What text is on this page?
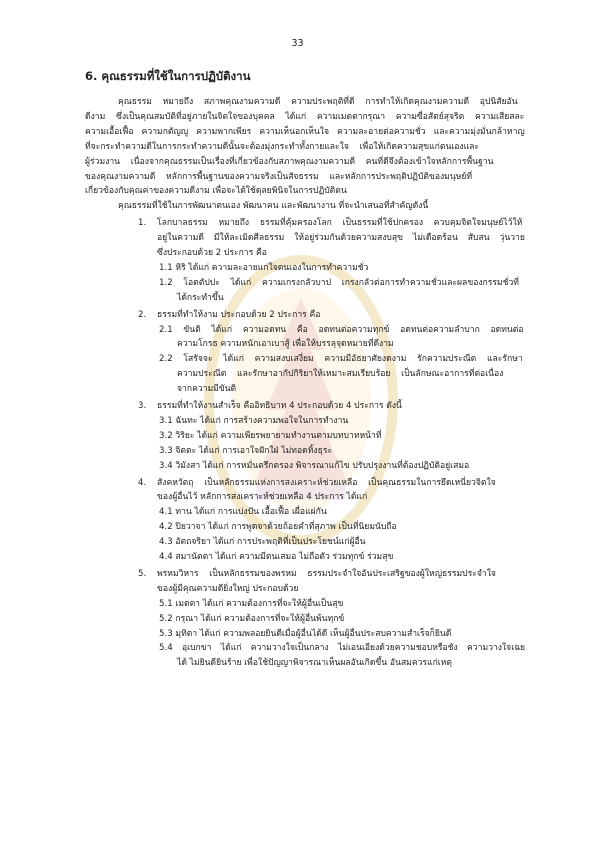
33
6. คุณธรรมที่ใช้ในการปฏิบัติงาน
คุณธรรม หมายถึง สภาพคุณงามความดี ความประพฤติที่ดี การทำให้เกิดคุณงามความดี อุปนิสัยอัน
ดีงาม ซึ่งเป็นคุณสมบัติที่อยู่ภายในจิตใจของบุคคล ได้แก่ ความเมตตากรุณา ความซื่อสัตย์สุจริต ความเสียสละ
ความเอื้อเฟื้อ ความกตัญญู ความพากเพียร ความเห็นอกเห็นใจ ความละอายต่อความชั่ว และความมุ่งมั่นกล้าหาญ
ที่จะกระทำความดีในการกระทำความดีนั้นจะต้องมุ่งกระทำทั้งกายและใจ เพื่อให้เกิดความสุขแก่ตนเองและ
ผู้ร่วมงาน เนื่องจากคุณธรรมเป็นเรื่องที่เกี่ยวข้องกับสภาพคุณงามความดี คนที่ดีจึงต้องเข้าใจหลักการพื้นฐาน
ของคุณงามความดี หลักการพื้นฐานของความจริงเป็นสัจธรรม และหลักการประพฤติปฏิบัติของมนุษย์ที่
เกี่ยวข้องกับคุณค่าของความดีงาม เพื่อจะได้ใช้ดุลยพินิจในการปฏิบัติตน
คุณธรรมที่ใช้ในการพัฒนาตนเอง พัฒนาคน และพัฒนางาน ที่จะนำเสนอที่สำคัญดังนี้
1. โลกบาลธรรม หมายถึง ธรรมที่คุ้มครองโลก เป็นธรรมที่ใช้ปกครอง ควบคุมจิตใจมนุษย์ไว้ให้
อยู่ในความดี มีให้ละเมิดศีลธรรม ให้อยู่ร่วมกันด้วยความสงบสุข ไม่เดือดร้อน สับสน วุ่นวาย
ซึ่งประกอบด้วย 2 ประการ คือ
1.1 หิริ ได้แก่ ความละอายแก่ใจตนเองในการทำความชั่ว
1.2 โอตตัปปะ ได้แก่ ความเกรงกลัวบาป เกรงกลัวต่อการทำความชั่วและผลของกรรมชั่วที่
ได้กระทำขึ้น
2. ธรรมที่ทำให้งาม ประกอบด้วย 2 ประการ คือ
2.1 ขันติ ได้แก่ ความอดทน คือ อดทนต่อความทุกข์ อดทนต่อความลำบาก อดทนต่อ
ความโกรธ ความหนักเอาเบาสู้ เพื่อให้บรรลุจุดหมายที่ดีงาม
2.2 โสรัจจะ ได้แก่ ความสงบเสงี่ยม ความมีอัธยาศัยงดงาม รักความประณีต และรักษา
ความประณีต และรักษาอากัปกิริยาให้เหมาะสมเรียบร้อย เป็นลักษณะอาการที่ต่อเนื่อง
จากความมีขันติ
3. ธรรมที่ทำให้งานสำเร็จ คืออิทธิบาท 4 ประกอบด้วย 4 ประการ ดังนี้
3.1 ฉันทะ ได้แก่ การสร้างความพอใจในการทำงาน
3.2 วิริยะ ได้แก่ ความเพียรพยายามทำงานตามบทบาทหน้าที่
3.3 จิตตะ ได้แก่ การเอาใจฝักใฝ่ ไม่ทอดทิ้งธุระ
3.4 วิมังสา ได้แก่ การหมั่นตรึกตรอง พิจารณาแก้ไข ปรับปรุงงานที่ต้องปฏิบัติอยู่เสมอ
4. สังคหวัตถุ เป็นหลักธรรมแห่งการสงเคราะห์ช่วยเหลือ เป็นคุณธรรมในการยึดเหนี่ยวจิตใจ
ของผู้อื่นไว้ หลักการสงเคราะห์ช่วยเหลือ 4 ประการ ได้แก่
4.1 ทาน ได้แก่ การแบ่งปัน เอื้อเฟื้อ เผื่อแผ่กัน
4.2 ปิยวาจา ได้แก่ การพูดจาด้วยถ้อยคำที่สุภาพ เป็นที่นิยมนับถือ
4.3 อัตถจริยา ได้แก่ การประพฤติที่เป็นประโยชน์แก่ผู้อื่น
4.4 สมานัตตา ได้แก่ ความมีตนเสมอ ไม่ถือตัว ร่วมทุกข์ ร่วมสุข
5. พรหมวิหาร เป็นหลักธรรมของพรหม ธรรมประจำใจอันประเสริฐของผู้ใหญ่ธรรมประจำใจ
ของผู้มีคุณความดียิ่งใหญ่ ประกอบด้วย
5.1 เมตตา ได้แก่ ความต้องการที่จะให้ผู้อื่นเป็นสุข
5.2 กรุณา ได้แก่ ความต้องการที่จะให้ผู้อื่นพ้นทุกข์
5.3 มุทิตา ได้แก่ ความพลอยยินดีเมื่อผู้อื่นได้ดี เห็นผู้อื่นประสบความสำเร็จก็ยินดี
5.4 อุเบกขา ได้แก่ ความวางใจเป็นกลาง ไม่เอนเอียงด้วยความชอบหรือชัง ความวางใจเฉย
ได้ ไม่ยินดียินร้าย เพื่อใช้ปัญญาพิจารณาเห็นผลอันเกิดขึ้น อันสมควรแก่เหตุ
